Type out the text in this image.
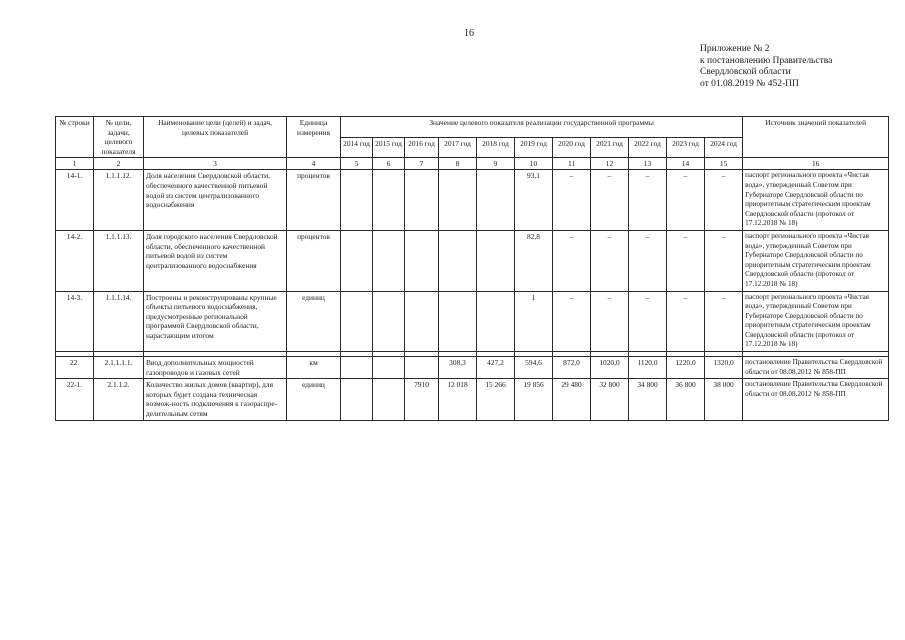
16
Приложение № 2
к постановлению Правительства
Свердловской области
от 01.08.2019 № 452-ПП
№ строки	№ цели, задачи, целевого показателя	Наименование цели (целей) и задач, целевых показателей	Единица измерения	Значение целевого показателя реализации государственной программы											Источник значений показателей
				2014 год	2015 год	2016 год	2017 год	2018 год	2019 год	2020 год	2021 год	2022 год	2023 год	2024 год	
1	2	3	4	5	6	7	8	9	10	11	12	13	14	15	16
14-1.	1.1.1.12.	Доля населения Свердловской области, обеспеченного качественной питьевой водой из систем централизованного водоснабжения	процентов						93,1	–	–	–	–	–	паспорт регионального проекта «Чистая вода», утвержденный Советом при Губернаторе Свердловской области по приоритетным стратегическим проектам Свердловской области (протокол от 17.12.2018 № 18)
14-2.	1.1.1.13.	Доля городского населения Свердловской области, обеспеченного качественной питьевой водой из систем централизованного водоснабжения	процентов						82,8	–	–	–	–	–	паспорт регионального проекта «Чистая вода», утвержденный Советом при Губернаторе Свердловской области по приоритетным стратегическим проектам Свердловской области (протокол от 17.12.2018 № 18)
14-3.	1.1.1.14.	Построены и реконструированы крупные объекты питьевого водоснабжения, предусмотренные региональной программой Свердловской области, нарастающим итогом	единиц						1	–	–	–	–	–	паспорт регионального проекта «Чистая вода», утвержденный Советом при Губернаторе Свердловской области по приоритетным стратегическим проектам Свердловской области (протокол от 17.12.2018 № 18)

22.	2.1.1.1.1.	Ввод дополнительных мощностей газопроводов и газовых сетей	км				308,3	427,2	594,6	872,0	1020,0	1120,0	1220,0	1320,0	постановление Правительства Свердловской области от 08.08.2012 № 858-ПП
22-1.	2.1.1.2.	Количество жилых домов (квартир), для которых будет создана техническая возмож-ность подключения к газораспре-делительным сетям	единиц			7910	12 018	15 266	19 856	29 480	32 800	34 800	36 800	38 000	постановление Правительства Свердловской области от 08.08.2012 № 858-ПП
